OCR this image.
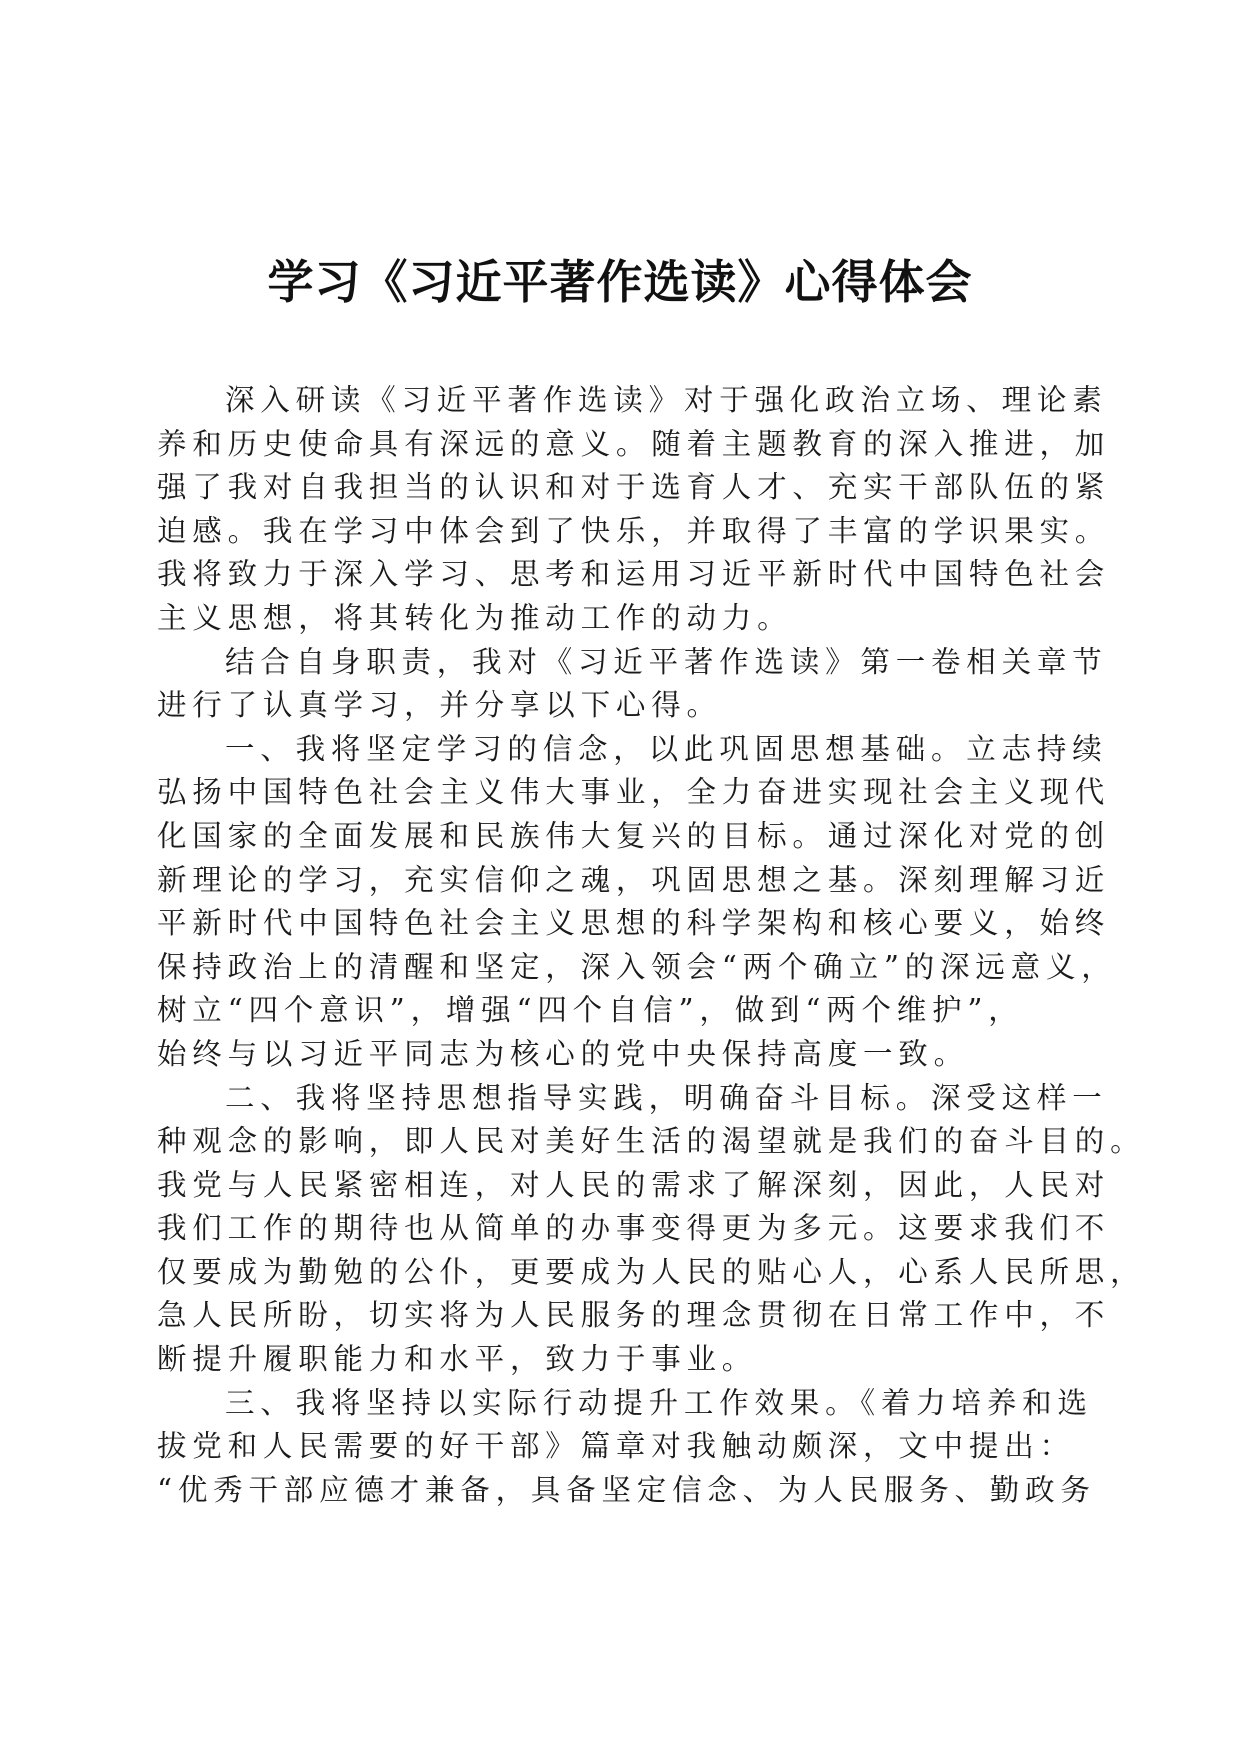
学习《习近平著作选读》心得体会
深入研读《习近平著作选读》对于强化政治立场、理论素
养和历史使命具有深远的意义。随着主题教育的深入推进，加
强了我对自我担当的认识和对于选育人才、充实干部队伍的紧
迫感。我在学习中体会到了快乐，并取得了丰富的学识果实。
我将致力于深入学习、思考和运用习近平新时代中国特色社会
主义思想，将其转化为推动工作的动力。
结合自身职责，我对《习近平著作选读》第一卷相关章节
进行了认真学习，并分享以下心得。
一、我将坚定学习的信念，以此巩固思想基础。立志持续
弘扬中国特色社会主义伟大事业，全力奋进实现社会主义现代
化国家的全面发展和民族伟大复兴的目标。通过深化对党的创
新理论的学习，充实信仰之魂，巩固思想之基。深刻理解习近
平新时代中国特色社会主义思想的科学架构和核心要义，始终
保持政治上的清醒和坚定，深入领会“两个确立”的深远意义，
树立“四个意识”，增强“四个自信”，做到“两个维护”，
始终与以习近平同志为核心的党中央保持高度一致。
二、我将坚持思想指导实践，明确奋斗目标。深受这样一
种观念的影响，即人民对美好生活的渴望就是我们的奋斗目的。
我党与人民紧密相连，对人民的需求了解深刻，因此，人民对
我们工作的期待也从简单的办事变得更为多元。这要求我们不
仅要成为勤勉的公仆，更要成为人民的贴心人，心系人民所思，
急人民所盼，切实将为人民服务的理念贯彻在日常工作中，不
断提升履职能力和水平，致力于事业。
三、我将坚持以实际行动提升工作效果。《着力培养和选
拔党和人民需要的好干部》篇章对我触动颇深，文中提出：
“优秀干部应德才兼备，具备坚定信念、为人民服务、勤政务
